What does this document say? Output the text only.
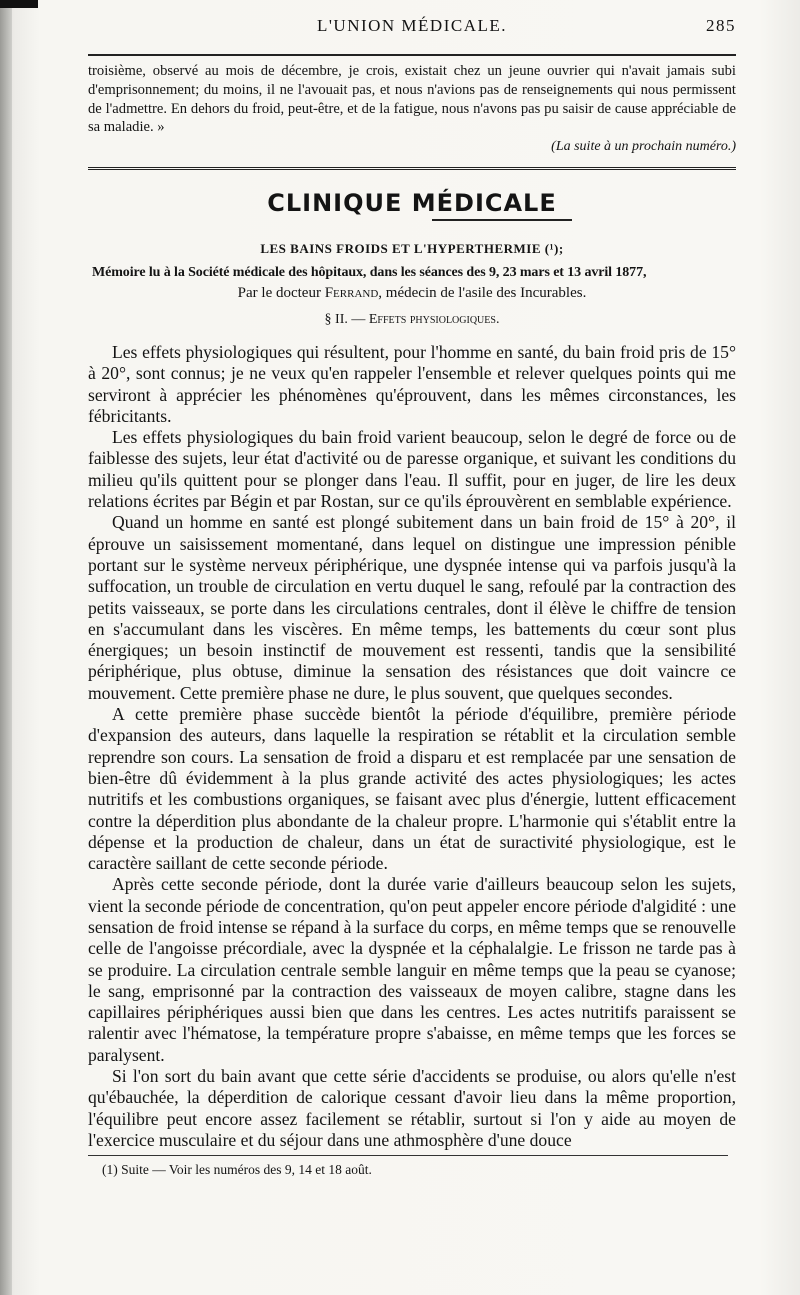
L'UNION MÉDICALE.	285

troisième, observé au mois de décembre, je crois, existait chez un jeune ouvrier qui n'avait jamais subi d'emprisonnement; du moins, il ne l'avouait pas, et nous n'avions pas de renseignements qui nous permissent de l'admettre. En dehors du froid, peut-être, et de la fatigue, nous n'avons pas pu saisir de cause appréciable de sa maladie. »

(La suite à un prochain numéro.)
CLINIQUE MÉDICALE
LES BAINS FROIDS ET L'HYPERTHERMIE (¹);
Mémoire lu à la Société médicale des hôpitaux, dans les séances des 9, 23 mars et 13 avril 1877,
Par le docteur Ferrand, médecin de l'asile des Incurables.
§ II. — Effets physiologiques.

Les effets physiologiques qui résultent, pour l'homme en santé, du bain froid pris de 15° à 20°, sont connus; je ne veux qu'en rappeler l'ensemble et relever quelques points qui me serviront à apprécier les phénomènes qu'éprouvent, dans les mêmes circonstances, les fébricitants.

Les effets physiologiques du bain froid varient beaucoup, selon le degré de force ou de faiblesse des sujets, leur état d'activité ou de paresse organique, et suivant les conditions du milieu qu'ils quittent pour se plonger dans l'eau. Il suffit, pour en juger, de lire les deux relations écrites par Bégin et par Rostan, sur ce qu'ils éprouvèrent en semblable expérience.

Quand un homme en santé est plongé subitement dans un bain froid de 15° à 20°, il éprouve un saisissement momentané, dans lequel on distingue une impression pénible portant sur le système nerveux périphérique, une dyspnée intense qui va parfois jusqu'à la suffocation, un trouble de circulation en vertu duquel le sang, refoulé par la contraction des petits vaisseaux, se porte dans les circulations centrales, dont il élève le chiffre de tension en s'accumulant dans les viscères. En même temps, les battements du cœur sont plus énergiques; un besoin instinctif de mouvement est ressenti, tandis que la sensibilité périphérique, plus obtuse, diminue la sensation des résistances que doit vaincre ce mouvement. Cette première phase ne dure, le plus souvent, que quelques secondes.

A cette première phase succède bientôt la période d'équilibre, première période d'expansion des auteurs, dans laquelle la respiration se rétablit et la circulation semble reprendre son cours. La sensation de froid a disparu et est remplacée par une sensation de bien-être dû évidemment à la plus grande activité des actes physiologiques; les actes nutritifs et les combustions organiques, se faisant avec plus d'énergie, luttent efficacement contre la déperdition plus abondante de la chaleur propre. L'harmonie qui s'établit entre la dépense et la production de chaleur, dans un état de suractivité physiologique, est le caractère saillant de cette seconde période.

Après cette seconde période, dont la durée varie d'ailleurs beaucoup selon les sujets, vient la seconde période de concentration, qu'on peut appeler encore période d'algidité : une sensation de froid intense se répand à la surface du corps, en même temps que se renouvelle celle de l'angoisse précordiale, avec la dyspnée et la céphalalgie. Le frisson ne tarde pas à se produire. La circulation centrale semble languir en même temps que la peau se cyanose; le sang, emprisonné par la contraction des vaisseaux de moyen calibre, stagne dans les capillaires périphériques aussi bien que dans les centres. Les actes nutritifs paraissent se ralentir avec l'hématose, la température propre s'abaisse, en même temps que les forces se paralysent.

Si l'on sort du bain avant que cette série d'accidents se produise, ou alors qu'elle n'est qu'ébauchée, la déperdition de calorique cessant d'avoir lieu dans la même proportion, l'équilibre peut encore assez facilement se rétablir, surtout si l'on y aide au moyen de l'exercice musculaire et du séjour dans une athmosphère d'une douce

(1) Suite — Voir les numéros des 9, 14 et 18 août.
